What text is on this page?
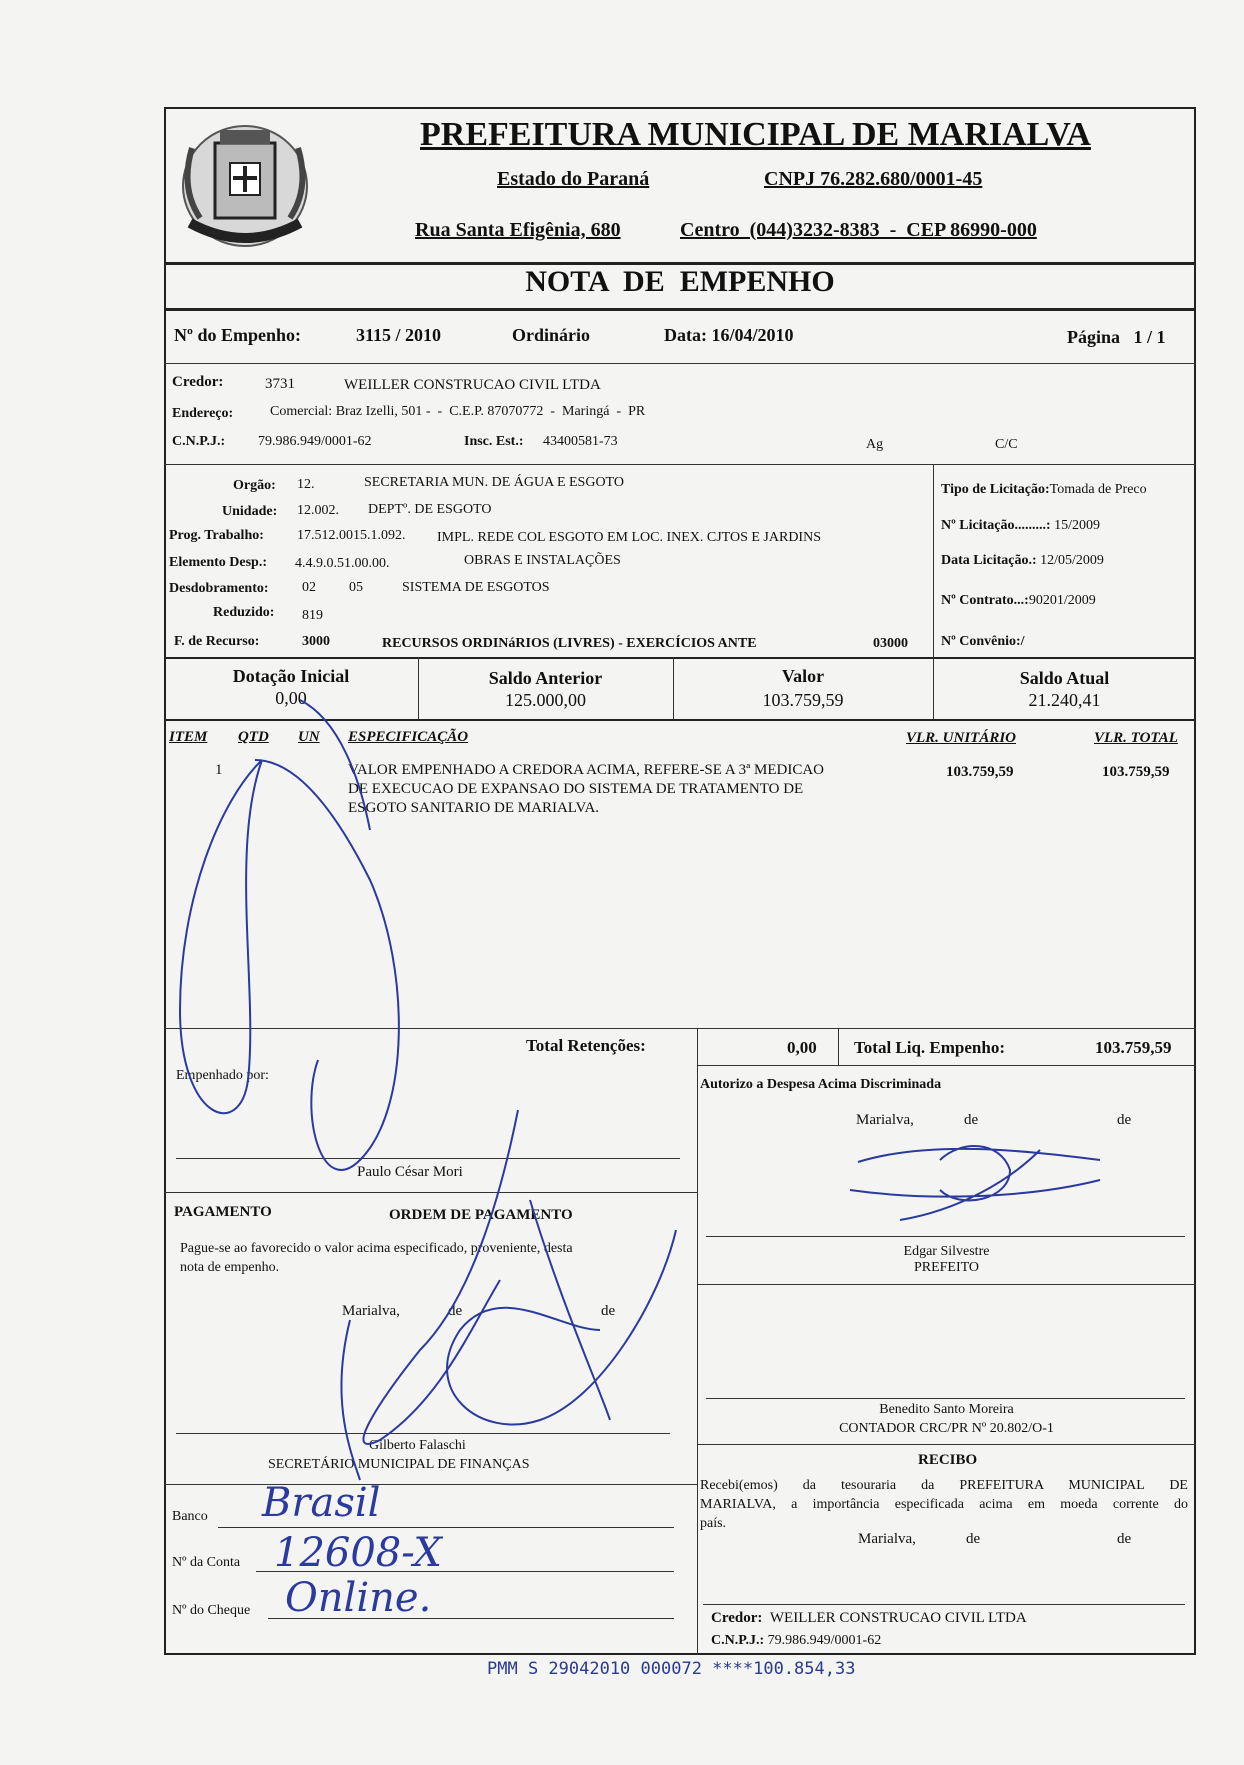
PREFEITURA MUNICIPAL DE MARIALVA
Estado do Paraná	CNPJ 76.282.680/0001-45
Rua Santa Efigênia, 680	Centro  (044)3232-8383  -  CEP 86990-000
NOTA  DE  EMPENHO
Nº do Empenho:	3115 / 2010	Ordinário	Data: 16/04/2010	Página   1 / 1
Credor:	3731	WEILLER CONSTRUCAO CIVIL LTDA
Endereço:	Comercial: Braz Izelli, 501 -  -  C.E.P. 87070772  -  Maringá  -  PR
C.N.P.J.: 79.986.949/0001-62	Insc. Est.: 43400581-73	Ag	C/C
Orgão: 12.	SECRETARIA MUN. DE ÁGUA E ESGOTO
Unidade: 12.002. DEPTº. DE ESGOTO
Prog. Trabalho: 17.512.0015.1.092. IMPL. REDE COL ESGOTO EM LOC. INEX. CJTOS E JARDINS
Elemento Desp.: 4.4.9.0.51.00.00.	OBRAS E INSTALAÇÕES
Desdobramento: 02 05	SISTEMA DE ESGOTOS
Reduzido: 819
F. de Recurso:	3000	RECURSOS ORDINáRIOS (LIVRES) - EXERCÍCIOS ANTE	03000
Tipo de Licitação:Tomada de Preco
Nº Licitação.........: 15/2009
Data Licitação.: 12/05/2009
Nº Contrato...:90201/2009
Nº Convênio:/
Dotação Inicial
0,00
Saldo Anterior
125.000,00
Valor
103.759,59
Saldo Atual
21.240,41
ITEM QTD UN ESPECIFICAÇÃO	VLR. UNITÁRIO	VLR. TOTAL
1	VALOR EMPENHADO A CREDORA ACIMA, REFERE-SE A 3ª MEDICAO
DE EXECUCAO DE EXPANSAO DO SISTEMA DE TRATAMENTO DE
ESGOTO SANITARIO DE MARIALVA.
103.759,59	103.759,59
Total Retenções:	0,00 Total Liq. Empenho:	103.759,59
Empenhado por:
Paulo César Mori
Autorizo a Despesa Acima Discriminada
Marialva,	de	de
Edgar Silvestre
PREFEITO
PAGAMENTO	ORDEM DE PAGAMENTO
Pague-se ao favorecido o valor acima especificado, proveniente, desta
nota de empenho.
Marialva,	de	de
Gilberto Falaschi
SECRETÁRIO MUNICIPAL DE FINANÇAS
Benedito Santo Moreira
CONTADOR CRC/PR Nº 20.802/O-1
RECIBO
Recebi(emos) da tesouraria da PREFEITURA MUNICIPAL DE
MARIALVA, a importância especificada acima em moeda corrente do
país.
Marialva,	de	de
Credor: WEILLER CONSTRUCAO CIVIL LTDA
C.N.P.J.: 79.986.949/0001-62
Banco Brasil
Nº da Conta 12608-X
Nº do Cheque Online.
PMM S 29042010 000072 ****100.854,33
